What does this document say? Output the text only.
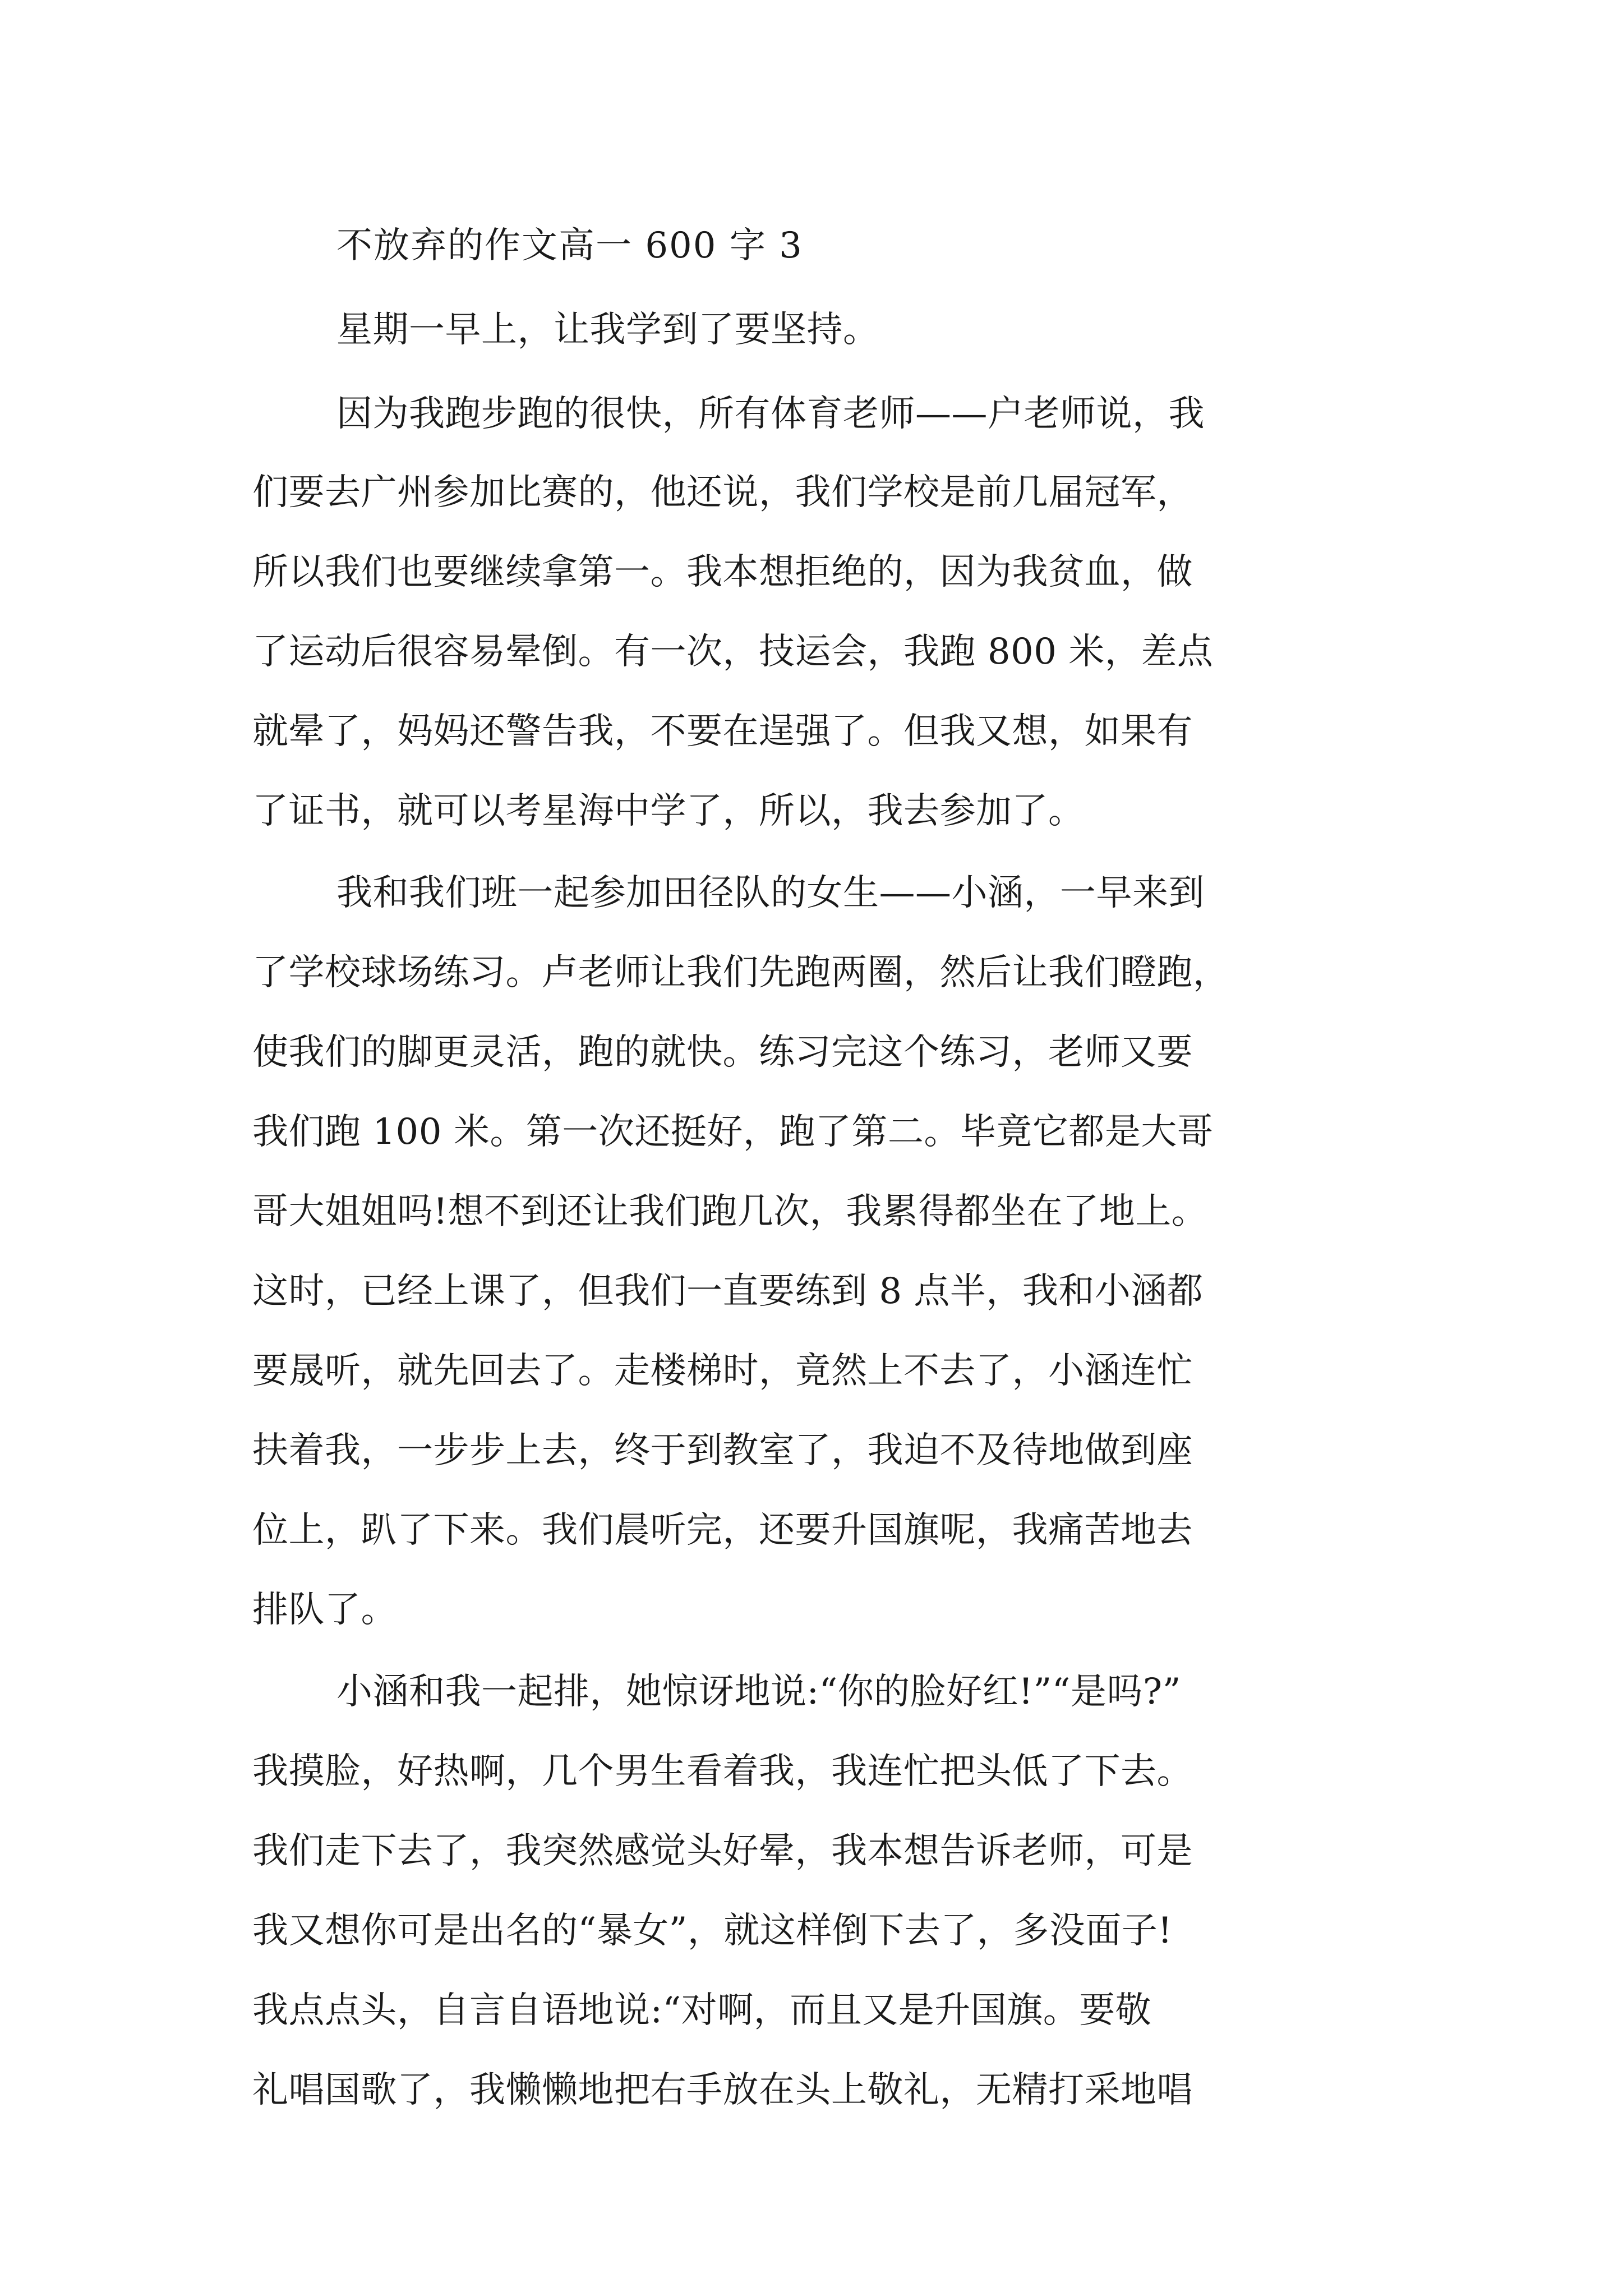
不放弃的作文高一 600 字 3
星期一早上，让我学到了要坚持。
因为我跑步跑的很快，所有体育老师——户老师说，我
们要去广州参加比赛的，他还说，我们学校是前几届冠军，
所以我们也要继续拿第一。我本想拒绝的，因为我贫血，做
了运动后很容易晕倒。有一次，技运会，我跑 800 米，差点
就晕了，妈妈还警告我，不要在逞强了。但我又想，如果有
了证书，就可以考星海中学了，所以，我去参加了。
我和我们班一起参加田径队的女生——小涵，一早来到
了学校球场练习。卢老师让我们先跑两圈，然后让我们瞪跑，
使我们的脚更灵活，跑的就快。练习完这个练习，老师又要
我们跑 100 米。第一次还挺好，跑了第二。毕竟它都是大哥
哥大姐姐吗!想不到还让我们跑几次，我累得都坐在了地上。
这时，已经上课了，但我们一直要练到 8 点半，我和小涵都
要晟听，就先回去了。走楼梯时，竟然上不去了，小涵连忙
扶着我，一步步上去，终于到教室了，我迫不及待地做到座
位上，趴了下来。我们晨听完，还要升国旗呢，我痛苦地去
排队了。
小涵和我一起排，她惊讶地说:“你的脸好红!”“是吗?”
我摸脸，好热啊，几个男生看着我，我连忙把头低了下去。
我们走下去了，我突然感觉头好晕，我本想告诉老师，可是
我又想你可是出名的“暴女”，就这样倒下去了，多没面子!
我点点头，自言自语地说:“对啊，而且又是升国旗。要敬
礼唱国歌了，我懒懒地把右手放在头上敬礼，无精打采地唱
